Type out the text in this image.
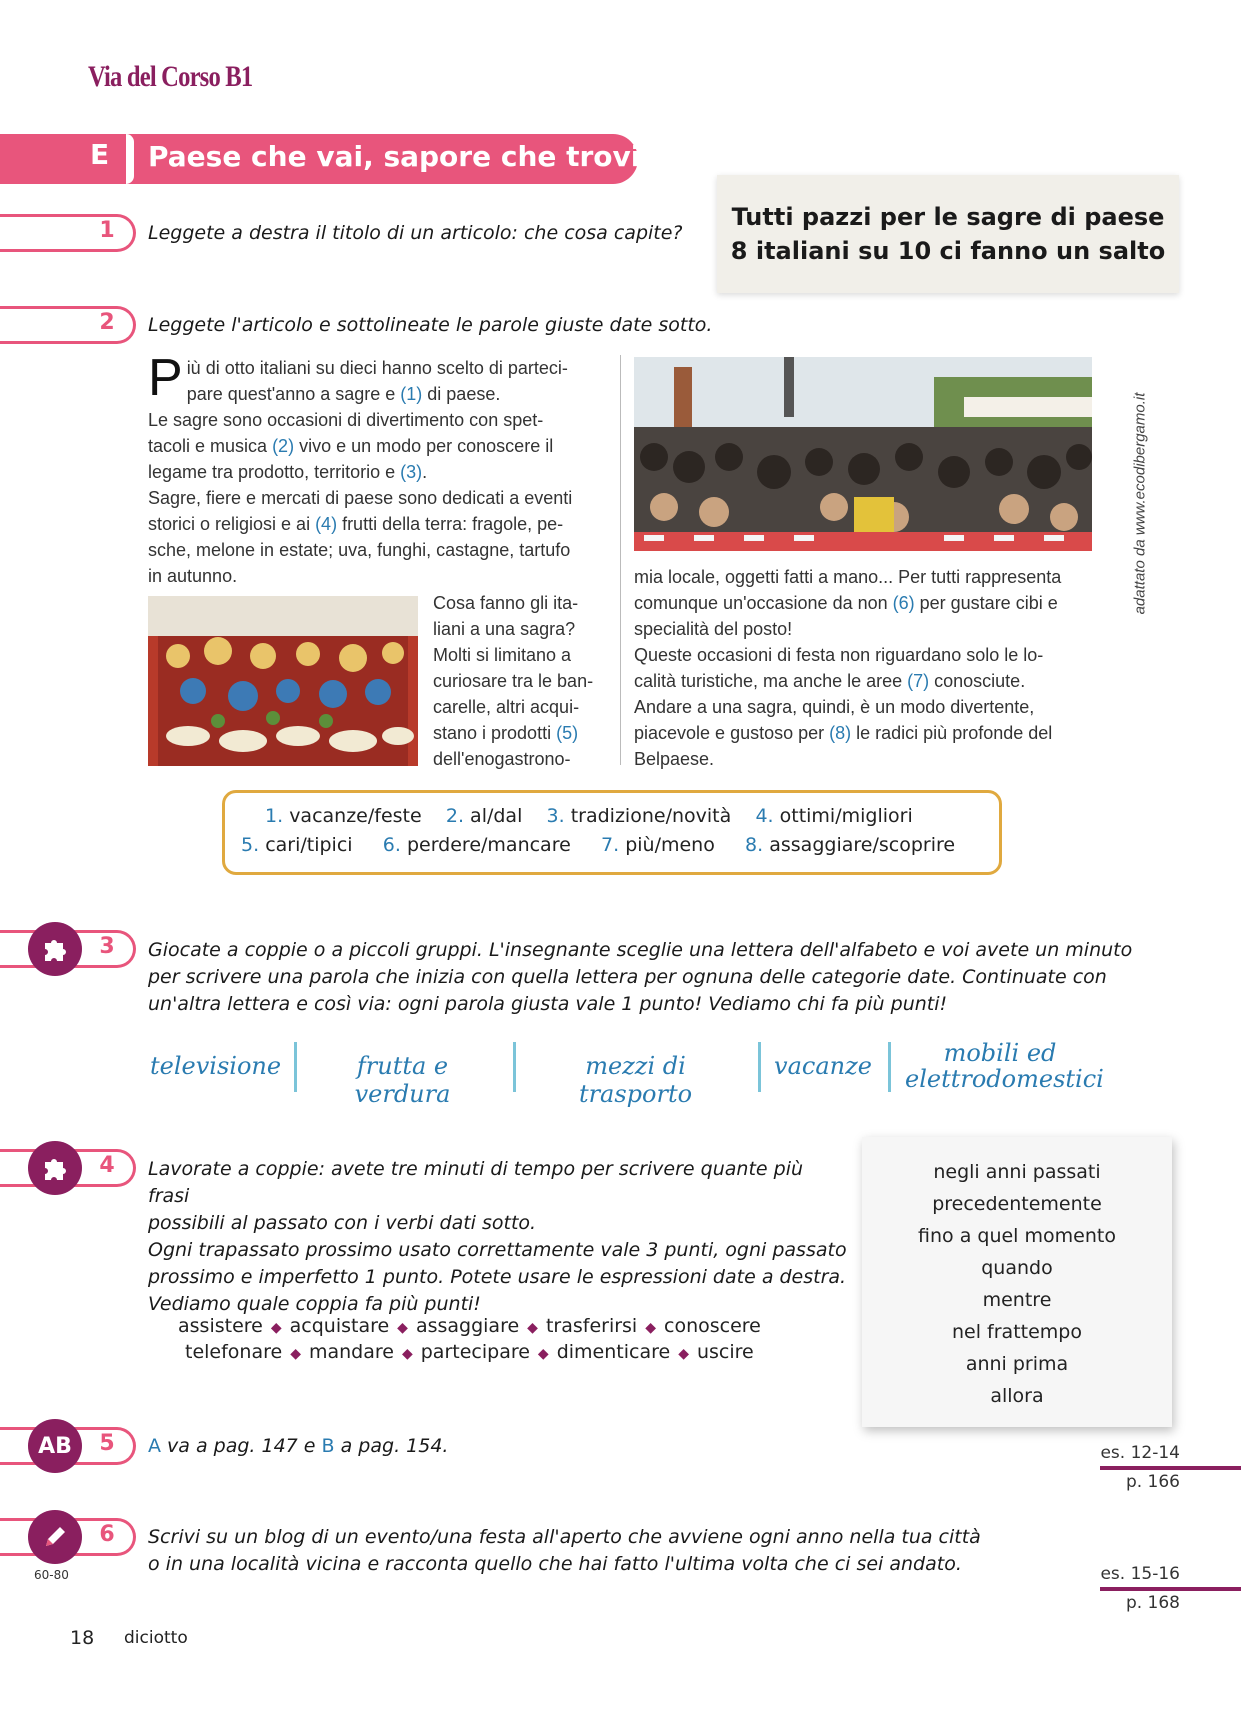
Via del Corso B1
E	Paese che vai, sapore che trovi
Tutti pazzi per le sagre di paese
8 italiani su 10 ci fanno un salto
1	Leggete a destra il titolo di un articolo: che cosa capite?
2	Leggete l'articolo e sottolineate le parole giuste date sotto.
Più di otto italiani su dieci hanno scelto di parteci-
pare quest'anno a sagre e (1) di paese.
Le sagre sono occasioni di divertimento con spet-
tacoli e musica (2) vivo e un modo per conoscere il
legame tra prodotto, territorio e (3).
Sagre, fiere e mercati di paese sono dedicati a eventi
storici o religiosi e ai (4) frutti della terra: fragole, pe-
sche, melone in estate; uva, funghi, castagne, tartufo
in autunno.
Cosa fanno gli ita-
liani a una sagra?
Molti si limitano a
curiosare tra le ban-
carelle, altri acqui-
stano i prodotti (5)
dell'enogastrono-
mia locale, oggetti fatti a mano... Per tutti rappresenta
comunque un'occasione da non (6) per gustare cibi e
specialità del posto!
Queste occasioni di festa non riguardano solo le lo-
calità turistiche, ma anche le aree (7) conosciute.
Andare a una sagra, quindi, è un modo divertente,
piacevole e gustoso per (8) le radici più profonde del
Belpaese.
adattato da www.ecodibergamo.it
1. vacanze/feste 2. al/dal 3. tradizione/novità 4. ottimi/migliori
5. cari/tipici 6. perdere/mancare 7. più/meno 8. assaggiare/scoprire
3	Giocate a coppie o a piccoli gruppi. L'insegnante sceglie una lettera dell'alfabeto e voi avete un minuto
per scrivere una parola che inizia con quella lettera per ognuna delle categorie date. Continuate con
un'altra lettera e così via: ogni parola giusta vale 1 punto! Vediamo chi fa più punti!
televisione	frutta e verdura
mezzi di trasporto
vacanze	mobili ed
elettrodomestici
4	Lavorate a coppie: avete tre minuti di tempo per scrivere quante più frasi
possibili al passato con i verbi dati sotto.
Ogni trapassato prossimo usato correttamente vale 3 punti, ogni passato
prossimo e imperfetto 1 punto. Potete usare le espressioni date a destra.
Vediamo quale coppia fa più punti!
assistere ◆ acquistare ◆ assaggiare ◆ trasferirsi ◆ conoscere
telefonare ◆ mandare ◆ partecipare ◆ dimenticare ◆ uscire
negli anni passati
precedentemente
fino a quel momento
quando
mentre
nel frattempo
anni prima
allora
AB	5	A va a pag. 147 e B a pag. 154.	es. 12-14
p. 166
60-80
6	Scrivi su un blog di un evento/una festa all'aperto che avviene ogni anno nella tua città
o in una località vicina e racconta quello che hai fatto l'ultima volta che ci sei andato.	es. 15-16
p. 168
18 diciotto
